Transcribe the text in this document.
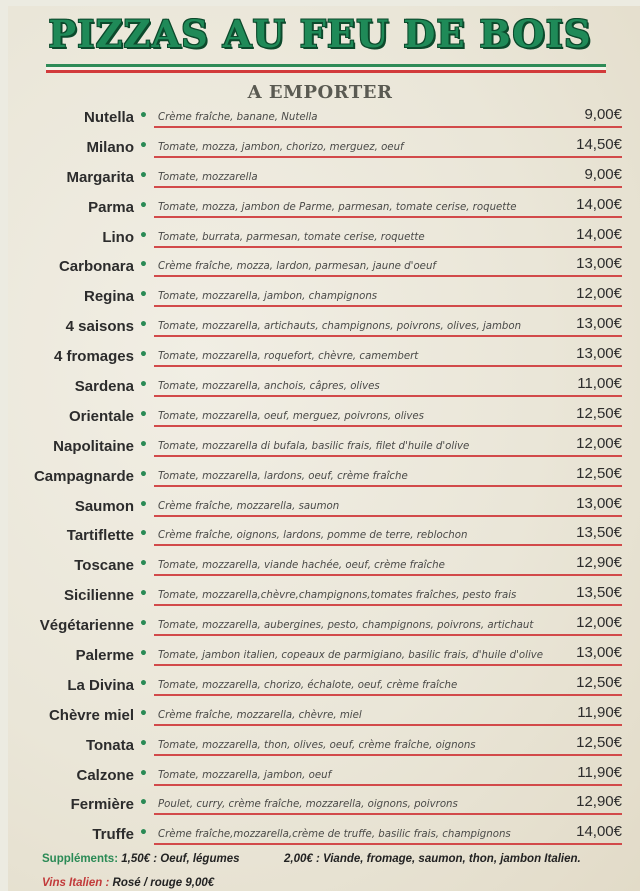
PIZZAS AU FEU DE BOIS
A EMPORTER
Nutella • Crème fraîche, banane, Nutella	9,00€
Milano • Tomate, mozza, jambon, chorizo, merguez, oeuf	14,50€
Margarita • Tomate, mozzarella	9,00€
Parma • Tomate, mozza, jambon de Parme, parmesan, tomate cerise, roquette	14,00€
Lino • Tomate, burrata, parmesan, tomate cerise, roquette	14,00€
Carbonara • Crème fraîche, mozza, lardon, parmesan, jaune d'oeuf	13,00€
Regina • Tomate, mozzarella, jambon, champignons	12,00€
4 saisons • Tomate, mozzarella, artichauts, champignons, poivrons, olives, jambon	13,00€
4 fromages • Tomate, mozzarella, roquefort, chèvre, camembert	13,00€
Sardena • Tomate, mozzarella, anchois, câpres, olives	11,00€
Orientale • Tomate, mozzarella, oeuf, merguez, poivrons, olives	12,50€
Napolitaine • Tomate, mozzarella di bufala, basilic frais, filet d'huile d'olive	12,00€
Campagnarde • Tomate, mozzarella, lardons, oeuf, crème fraîche	12,50€
Saumon • Crème fraîche, mozzarella, saumon	13,00€
Tartiflette • Crème fraîche, oignons, lardons, pomme de terre, reblochon	13,50€
Toscane • Tomate, mozzarella, viande hachée, oeuf, crème fraîche	12,90€
Sicilienne • Tomate, mozzarella,chèvre,champignons,tomates fraîches, pesto frais	13,50€
Végétarienne • Tomate, mozzarella, aubergines, pesto, champignons, poivrons, artichaut	12,00€
Palerme • Tomate, jambon italien, copeaux de parmigiano, basilic frais, d'huile d'olive 13,00€
La Divina • Tomate, mozzarella, chorizo, échalote, oeuf, crème fraîche	12,50€
Chèvre miel • Crème fraîche, mozzarella, chèvre, miel	11,90€
Tonata • Tomate, mozzarella, thon, olives, oeuf, crème fraîche, oignons	12,50€
Calzone • Tomate, mozzarella, jambon, oeuf	11,90€
Fermière • Poulet, curry, crème fraîche, mozzarella, oignons, poivrons	12,90€
Truffe • Crème fraîche,mozzarella,crème de truffe, basilic frais, champignons	14,00€
Suppléments: 1,50€ : Oeuf, légumes	2,00€ : Viande, fromage, saumon, thon, jambon Italien.
Vins Italien : Rosé / rouge 9,00€
